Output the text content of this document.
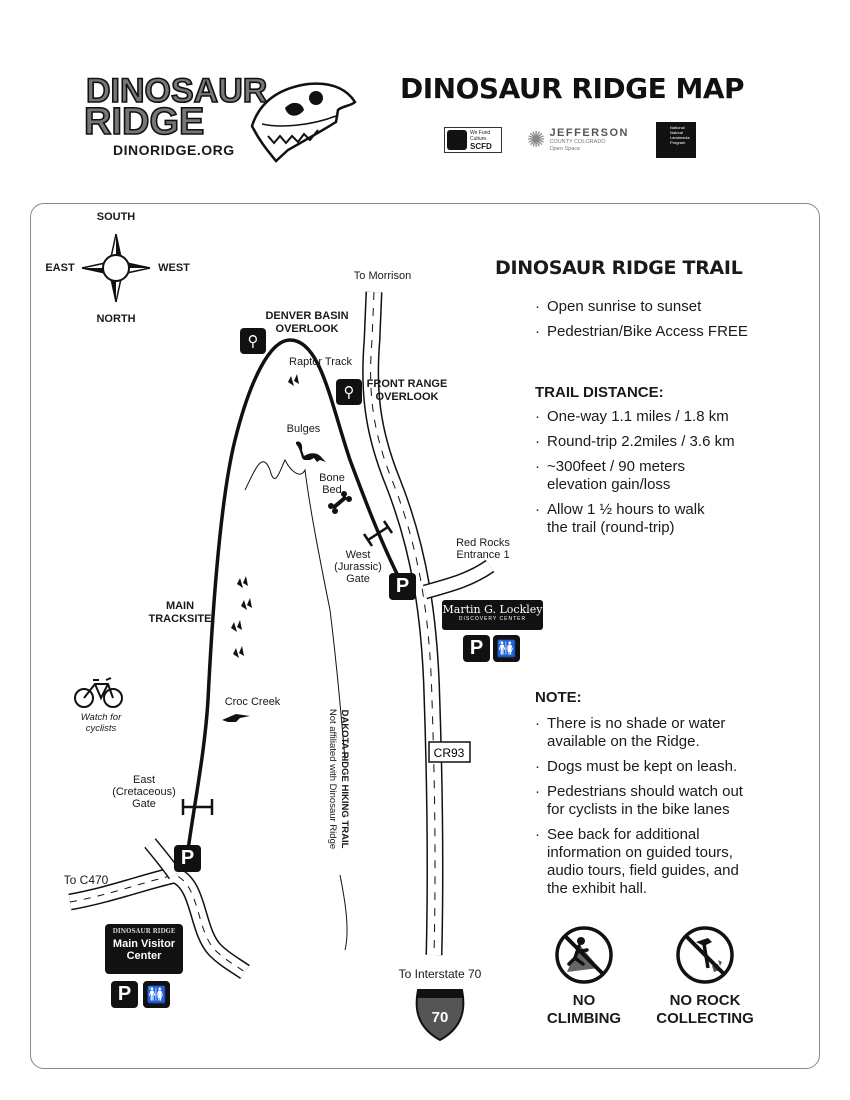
DINOSAUR
RIDGE
DINORIDGE.ORG
DINOSAUR RIDGE MAP
We Fund
Culture.
SCFD ✺ JEFFERSON
COUNTY COLORADO
Open Space
National
Natural
Landmarks
Program
70
CR93
SOUTH
NORTH
EAST	WEST
To Morrison
DENVER BASIN
OVERLOOK
⚲
Raptor Track
⚲	FRONT RANGE
OVERLOOK
Bulges
Bone
Bed
West
(Jurassic)
Gate	P
Red Rocks
Entrance 1
Martin G. Lockley
DISCOVERY CENTER
P 🚻
MAIN
TRACKSITE
Watch for
cyclists
Croc Creek
DAKOTA RIDGE HIKING TRAIL
Not affiliated with Dinosaur Ridge
East
(Cretaceous)
Gate
P
To C470
DINOSAUR RIDGE
Main Visitor
Center
P 🚻
To Interstate 70
DINOSAUR RIDGE TRAIL
· Open sunrise to sunset
· Pedestrian/Bike Access FREE
TRAIL DISTANCE:
· One-way 1.1 miles / 1.8 km
· Round-trip 2.2miles / 3.6 km
· ~300feet / 90 meters
elevation gain/loss
· Allow 1 ½ hours to walk
the trail (round-trip)
NOTE:
· There is no shade or water
available on the Ridge.
· Dogs must be kept on leash.
· Pedestrians should watch out
for cyclists in the bike lanes
· See back for additional
information on guided tours,
audio tours, field guides, and
the exhibit hall.
NO
CLIMBING
NO ROCK
COLLECTING
